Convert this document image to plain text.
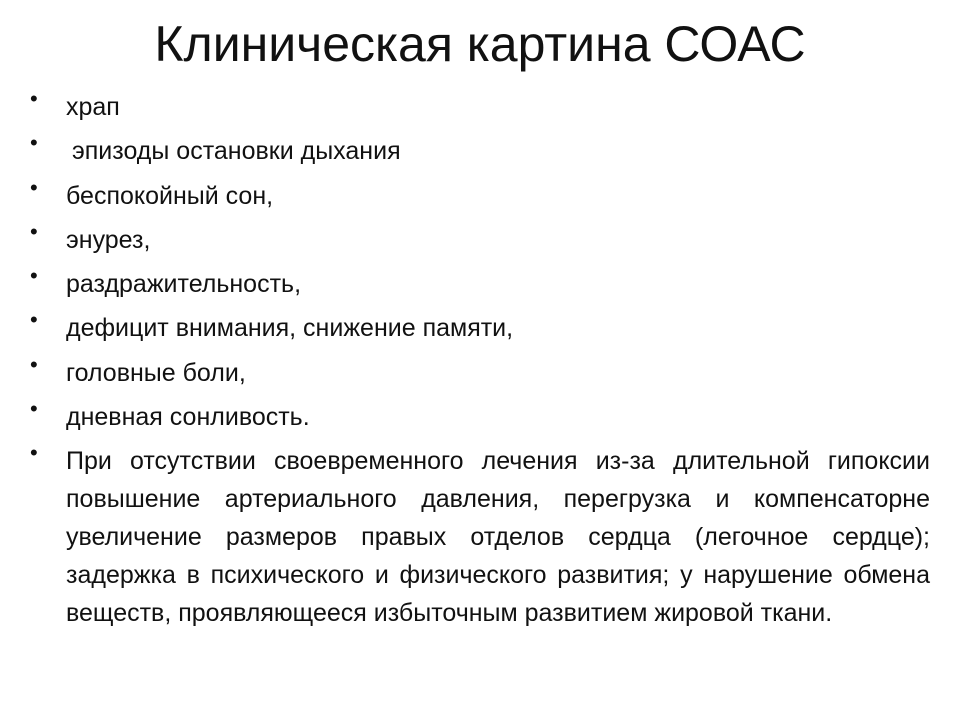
Клиническая картина СОАС
• храп
• эпизоды остановки дыхания
• беспокойный сон,
• энурез,
• раздражительность,
• дефицит внимания, снижение памяти,
• головные боли,
• дневная сонливость.
• При отсутствии своевременного лечения из-за длительной гипоксии повышение артериального давления, перегрузка и компенсаторне увеличение размеров правых отделов сердца (легочное сердце); задержка в психического и физического развития; у нарушение обмена веществ, проявляющееся избыточным развитием жировой ткани.
